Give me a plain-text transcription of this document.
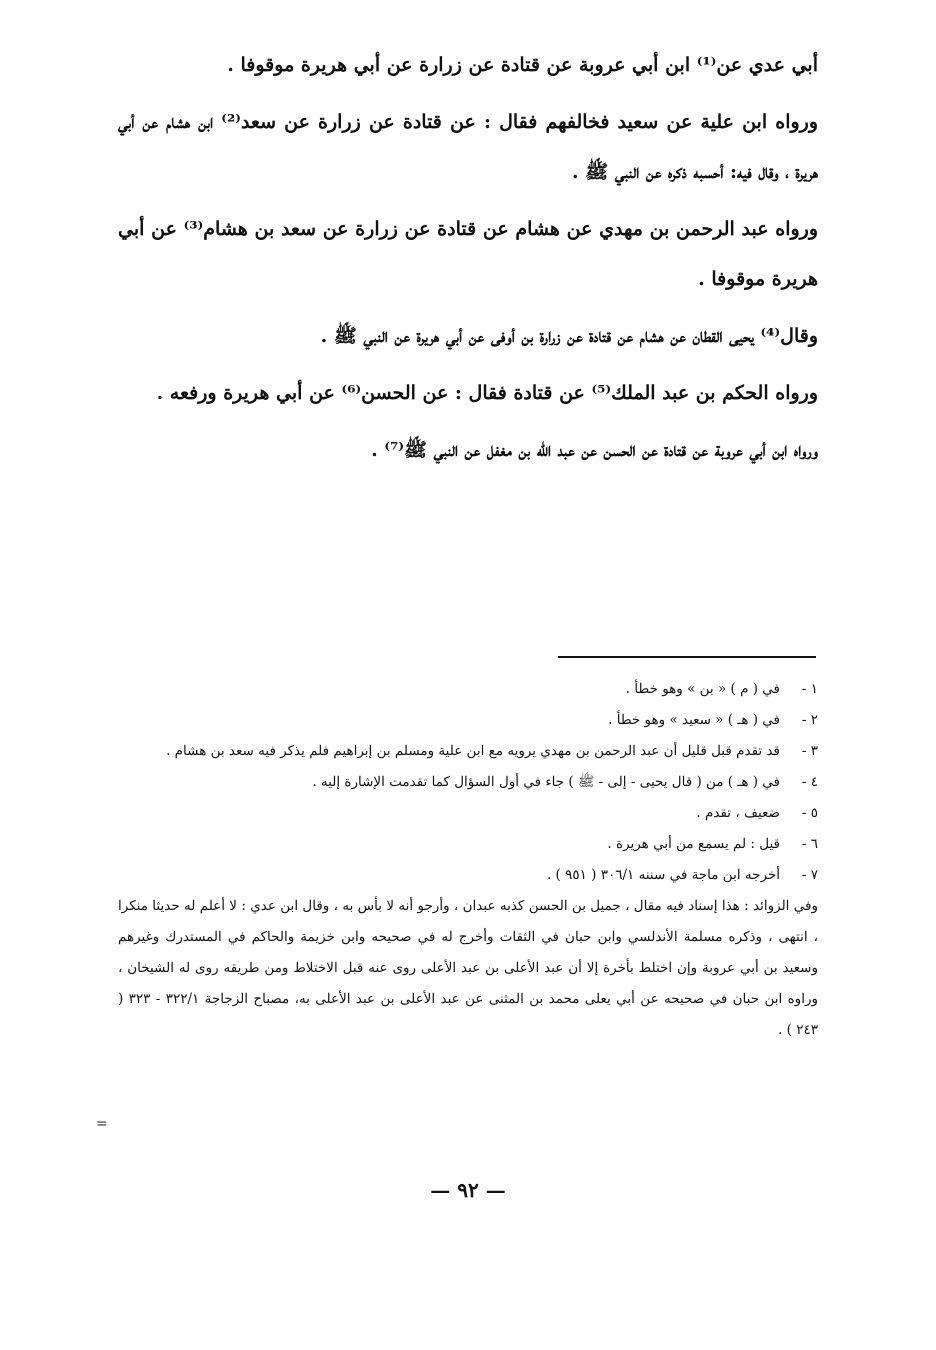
أبي عدي عن⁽¹⁾ ابن أبي عروبة عن قتادة عن زرارة عن أبي هريرة موقوفا .

ورواه ابن علية عن سعيد فخالفهم فقال : عن قتادة عن زرارة عن سعد⁽²⁾ ابن هشام عن أبي هريرة ، وقال فيه: أحسبه ذكره عن النبي ﷺ .

ورواه عبد الرحمن بن مهدي عن هشام عن قتادة عن زرارة عن سعد بن هشام⁽³⁾ عن أبي هريرة موقوفا .

وقال⁽⁴⁾ يحيى القطان عن هشام عن قتادة عن زرارة بن أوفى عن أبي هريرة عن النبي ﷺ .

ورواه الحكم بن عبد الملك⁽⁵⁾ عن قتادة فقال : عن الحسن⁽⁶⁾ عن أبي هريرة ورفعه .

ورواه ابن أبي عروبة عن قتادة عن الحسن عن عبد الله بن مغفل عن النبي ﷺ⁽⁷⁾ .

١ -
في ( م ) « بن » وهو خطأ .
٢ -
في ( هـ ) « سعيد » وهو خطأ .
٣ -
قد تقدم قبل قليل أن عبد الرحمن بن مهدي يرويه مع ابن علية ومسلم بن إبراهيم فلم يذكر فيه سعد بن هشام .
٤ -
في ( هـ ) من ( قال يحيى - إلى - ﷺ ) جاء في أول السؤال كما تقدمت الإشارة إليه .
٥ -
ضعيف ، تقدم .
٦ -
قيل : لم يسمع من أبي هريرة .
٧ -
أخرجه ابن ماجة في سننه ٣٠٦/١ ( ٩٥١ ) .
وفي الزوائد : هذا إسناد فيه مقال ، جميل بن الحسن كذبه عبدان ، وأرجو أنه لا بأس به ، وقال ابن عدي : لا أعلم له حديثا منكرا ، انتهى ، وذكره مسلمة الأندلسي وابن حبان في الثقات وأخرج له في صحيحه وابن خزيمة والحاكم في المستدرك وغيرهم وسعيد بن أبي عروبة وإن اختلط بأخرة إلا أن عبد الأعلى بن عبد الأعلى روى عنه قبل الاختلاط ومن طريقه روى له الشيخان ، وراوه ابن حبان في صحيحه عن أبي يعلى محمد بن المثنى عن عبد الأعلى بن عبد الأعلى به، مصباح الزجاجة ٣٢٢/١ - ٣٢٣ ( ٢٤٣ ) .
=
— ٩٢ —
